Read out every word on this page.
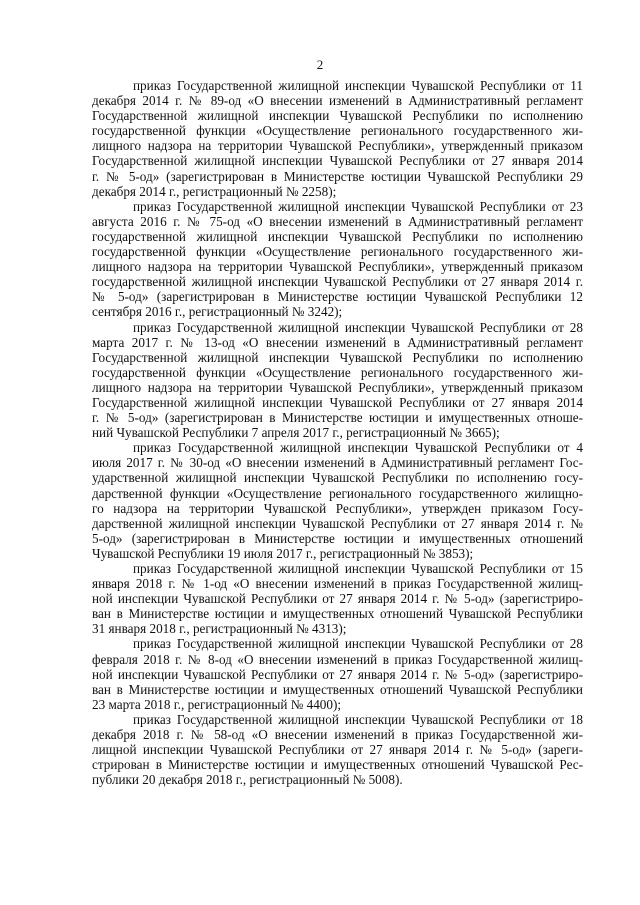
2
приказ Государственной жилищной инспекции Чувашской Республики от 11
декабря 2014 г. № 89-од «О внесении изменений в Административный регламент
Государственной жилищной инспекции Чувашской Республики по исполнению
государственной функции «Осуществление регионального государственного жи-
лищного надзора на территории Чувашской Республики», утвержденный приказом
Государственной жилищной инспекции Чувашской Республики от 27 января 2014
г. № 5-од» (зарегистрирован в Министерстве юстиции Чувашской Республики 29
декабря 2014 г., регистрационный № 2258);
приказ Государственной жилищной инспекции Чувашской Республики от 23
августа 2016 г. № 75-од «О внесении изменений в Административный регламент
государственной жилищной инспекции Чувашской Республики по исполнению
государственной функции «Осуществление регионального государственного жи-
лищного надзора на территории Чувашской Республики», утвержденный приказом
государственной жилищной инспекции Чувашской Республики от 27 января 2014 г.
№ 5-од» (зарегистрирован в Министерстве юстиции Чувашской Республики 12
сентября 2016 г., регистрационный № 3242);
приказ Государственной жилищной инспекции Чувашской Республики от 28
марта 2017 г. № 13-од «О внесении изменений в Административный регламент
Государственной жилищной инспекции Чувашской Республики по исполнению
государственной функции «Осуществление регионального государственного жи-
лищного надзора на территории Чувашской Республики», утвержденный приказом
Государственной жилищной инспекции Чувашской Республики от 27 января 2014
г. № 5-од» (зарегистрирован в Министерстве юстиции и имущественных отноше-
ний Чувашской Республики 7 апреля 2017 г., регистрационный № 3665);
приказ Государственной жилищной инспекции Чувашской Республики от 4
июля 2017 г. № 30-од «О внесении изменений в Административный регламент Гос-
ударственной жилищной инспекции Чувашской Республики по исполнению госу-
дарственной функции «Осуществление регионального государственного жилищно-
го надзора на территории Чувашской Республики», утвержден приказом Госу-
дарственной жилищной инспекции Чувашской Республики от 27 января 2014 г. №
5-од» (зарегистрирован в Министерстве юстиции и имущественных отношений
Чувашской Республики 19 июля 2017 г., регистрационный № 3853);
приказ Государственной жилищной инспекции Чувашской Республики от 15
января 2018 г. № 1-од «О внесении изменений в приказ Государственной жилищ-
ной инспекции Чувашской Республики от 27 января 2014 г. № 5-од» (зарегистриро-
ван в Министерстве юстиции и имущественных отношений Чувашской Республики
31 января 2018 г., регистрационный № 4313);
приказ Государственной жилищной инспекции Чувашской Республики от 28
февраля 2018 г. № 8-од «О внесении изменений в приказ Государственной жилищ-
ной инспекции Чувашской Республики от 27 января 2014 г. № 5-од» (зарегистриро-
ван в Министерстве юстиции и имущественных отношений Чувашской Республики
23 марта 2018 г., регистрационный № 4400);
приказ Государственной жилищной инспекции Чувашской Республики от 18
декабря 2018 г. № 58-од «О внесении изменений в приказ Государственной жи-
лищной инспекции Чувашской Республики от 27 января 2014 г. № 5-од» (зареги-
стрирован в Министерстве юстиции и имущественных отношений Чувашской Рес-
публики 20 декабря 2018 г., регистрационный № 5008).
